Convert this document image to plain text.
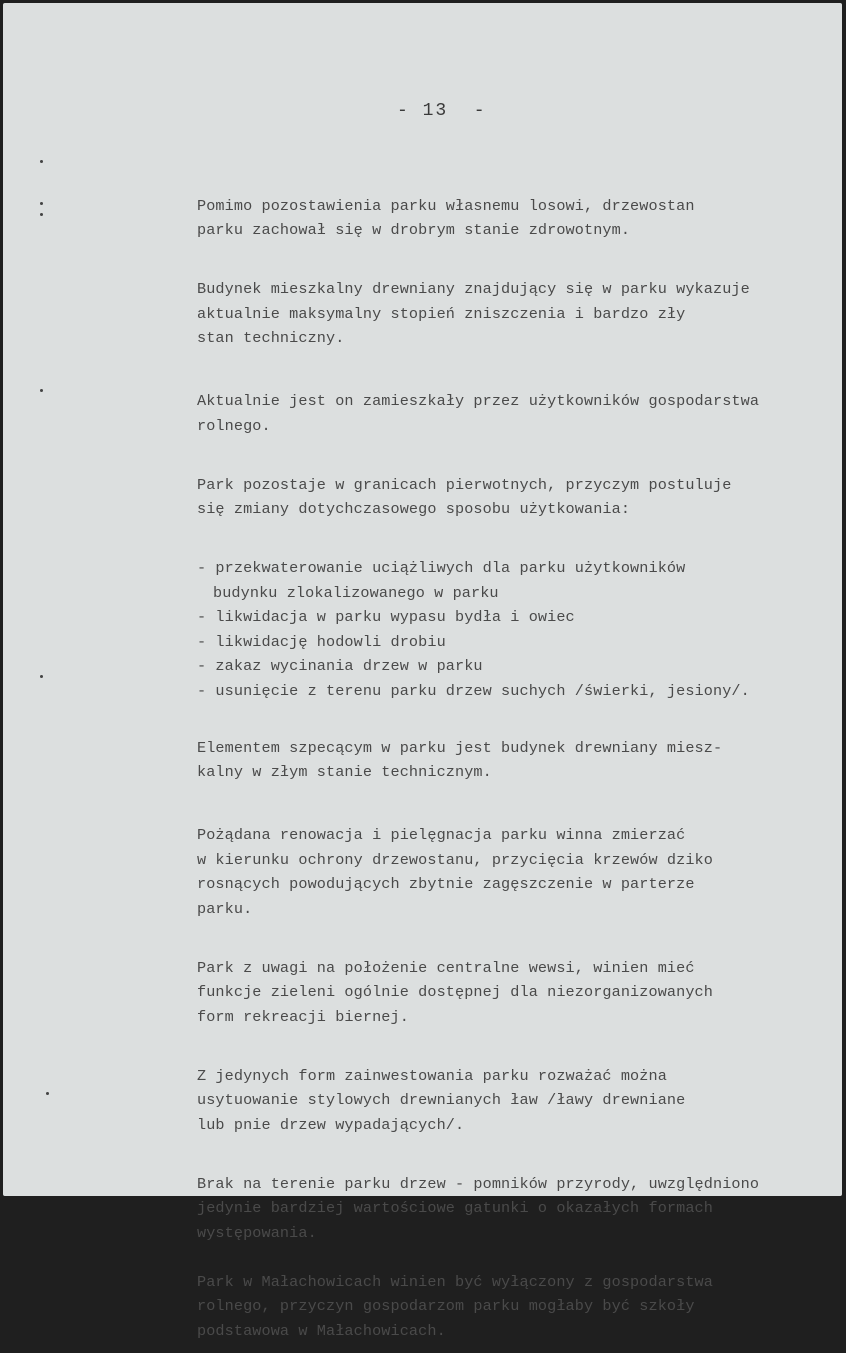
- 13  -

Pomimo pozostawienia parku własnemu losowi, drzewostan
parku zachował się w drobrym stanie zdrowotnym.

Budynek mieszkalny drewniany znajdujący się w parku wykazuje
aktualnie maksymalny stopień zniszczenia i bardzo zły
stan techniczny.

Aktualnie jest on zamieszkały przez użytkowników gospodarstwa
rolnego.

Park pozostaje w granicach pierwotnych, przyczym postuluje
się zmiany dotychczasowego sposobu użytkowania:

- przekwaterowanie uciążliwych dla parku użytkowników
budynku zlokalizowanego w parku
- likwidacja w parku wypasu bydła i owiec
- likwidację hodowli drobiu
- zakaz wycinania drzew w parku
- usunięcie z terenu parku drzew suchych /świerki, jesiony/.

Elementem szpecącym w parku jest budynek drewniany miesz-
kalny w złym stanie technicznym.

Pożądana renowacja i pielęgnacja parku winna zmierzać
w kierunku ochrony drzewostanu, przycięcia krzewów dziko
rosnących powodujących zbytnie zagęszczenie w parterze
parku.

Park z uwagi na położenie centralne wewsi, winien mieć
funkcje zieleni ogólnie dostępnej dla niezorganizowanych
form rekreacji biernej.

Z jedynych form zainwestowania parku rozważać można
usytuowanie stylowych drewnianych ław /ławy drewniane
lub pnie drzew wypadających/.

Brak na terenie parku drzew - pomników przyrody, uwzględniono
jedynie bardziej wartościowe gatunki o okazałych formach
występowania.

Park w Małachowicach winien być wyłączony z gospodarstwa
rolnego, przyczyn gospodarzom parku mogłaby być szkoły
podstawowa w Małachowicach.
